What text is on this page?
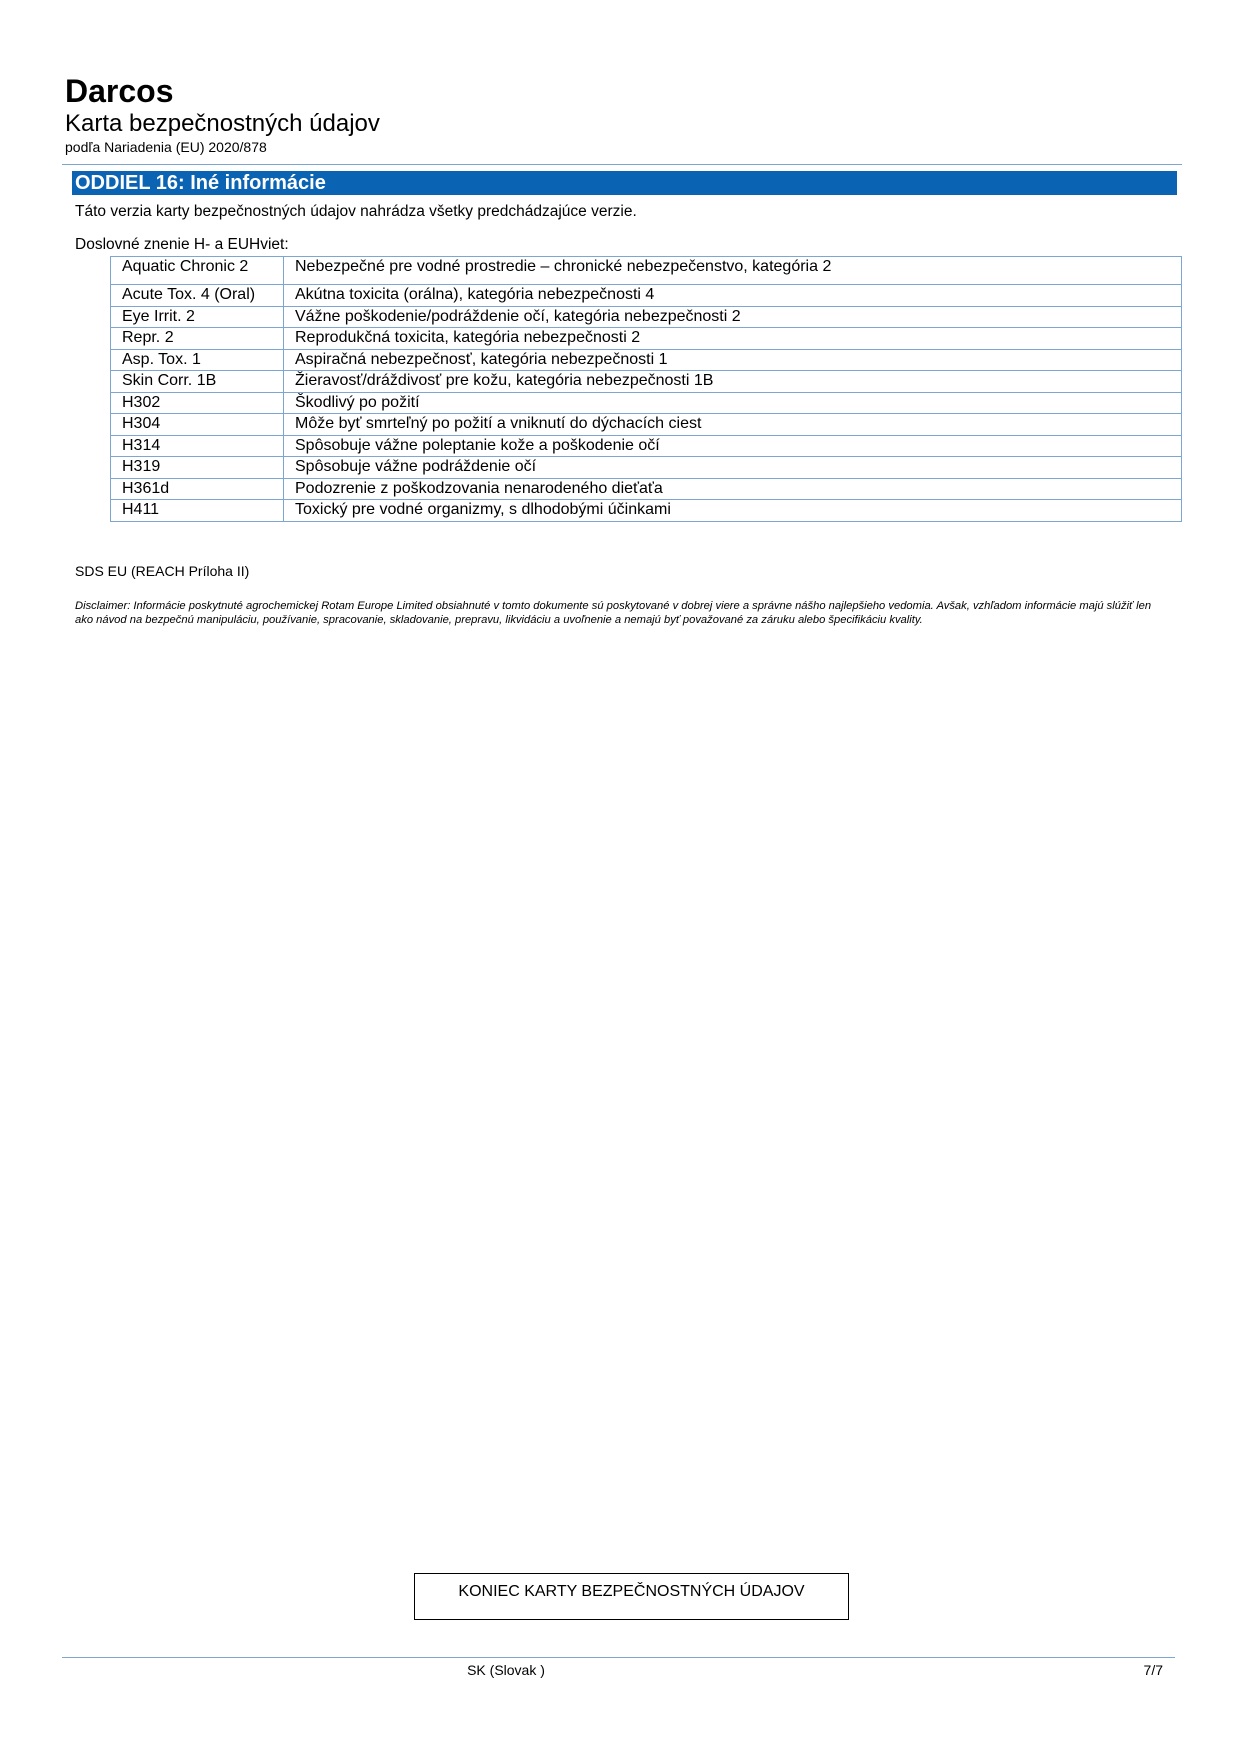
Darcos

Karta bezpečnostných údajov

podľa Nariadenia (EU) 2020/878

ODDIEL 16: Iné informácie

Táto verzia karty bezpečnostných údajov nahrádza všetky predchádzajúce verzie.

Doslovné znenie H- a EUHviet:

Aquatic Chronic 2	Nebezpečné pre vodné prostredie – chronické nebezpečenstvo, kategória 2
Acute Tox. 4 (Oral)	Akútna toxicita (orálna), kategória nebezpečnosti 4
Eye Irrit. 2	Vážne poškodenie/podráždenie očí, kategória nebezpečnosti 2
Repr. 2	Reprodukčná toxicita, kategória nebezpečnosti 2
Asp. Tox. 1	Aspiračná nebezpečnosť, kategória nebezpečnosti 1
Skin Corr. 1B	Žieravosť/dráždivosť pre kožu, kategória nebezpečnosti 1B
H302	Škodlivý po požití
H304	Môže byť smrteľný po požití a vniknutí do dýchacích ciest
H314	Spôsobuje vážne poleptanie kože a poškodenie očí
H319	Spôsobuje vážne podráždenie očí
H361d	Podozrenie z poškodzovania nenarodeného dieťaťa
H411	Toxický pre vodné organizmy, s dlhodobými účinkami

SDS EU (REACH Príloha II)

Disclaimer: Informácie poskytnuté agrochemickej Rotam Europe Limited obsiahnuté v tomto dokumente sú poskytované v dobrej viere a správne nášho najlepšieho vedomia. Avšak, vzhľadom informácie majú slúžiť len ako návod na bezpečnú manipuláciu, používanie, spracovanie, skladovanie, prepravu, likvidáciu a uvoľnenie a nemajú byť považované za záruku alebo špecifikáciu kvality.

KONIEC KARTY BEZPEČNOSTNÝCH ÚDAJOV
SK (Slovak )	7/7
